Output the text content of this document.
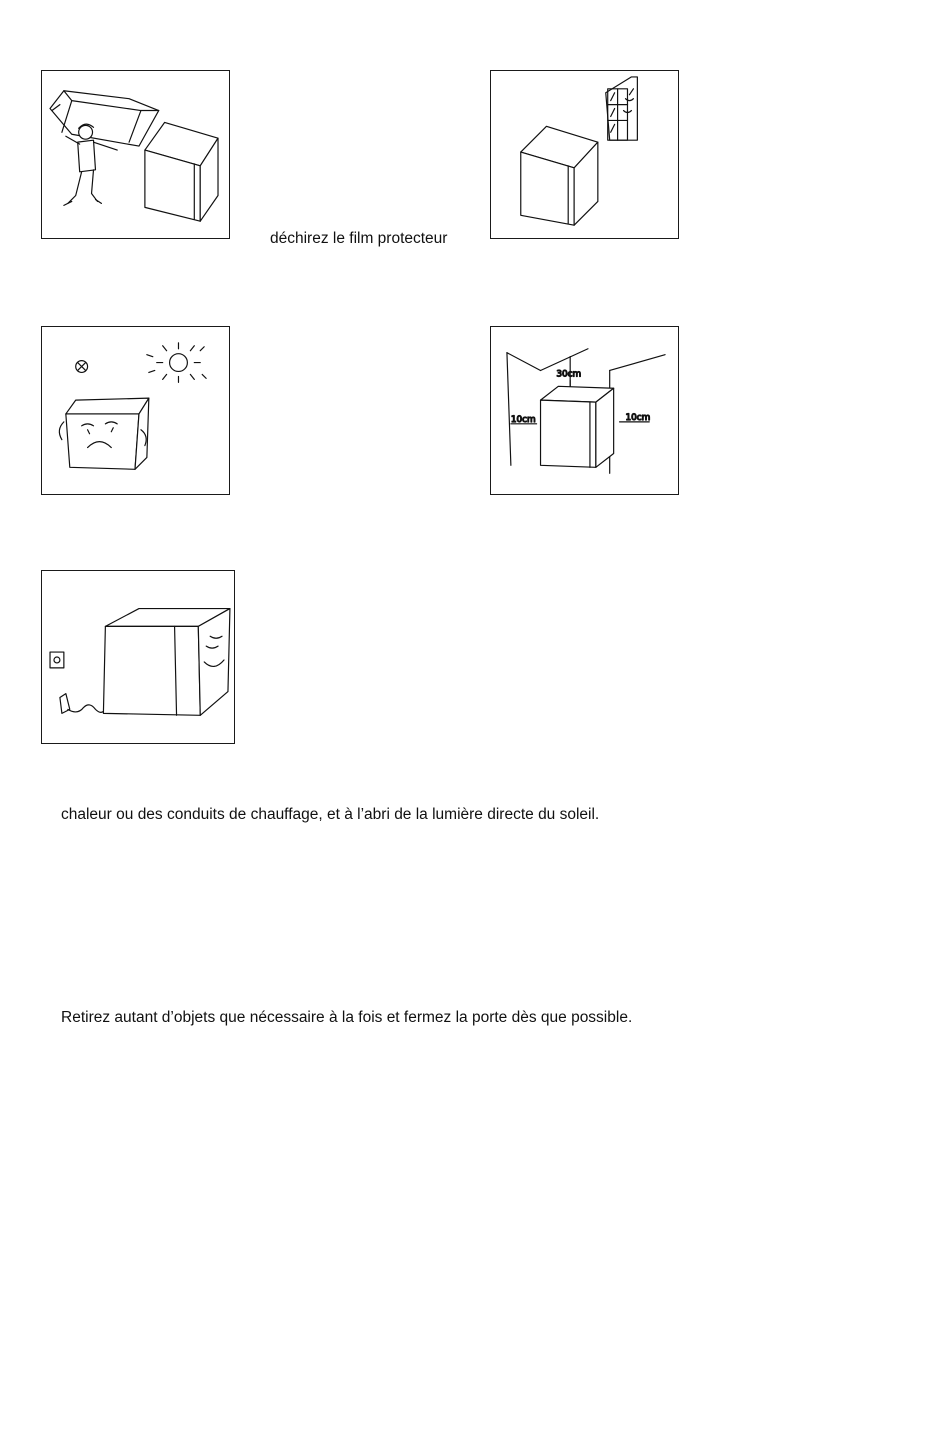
déchirez le film protecteur
30cm
10cm	10cm
chaleur ou des conduits de chauffage, et à l’abri de la lumière directe du soleil.
Retirez autant d’objets que nécessaire à la fois et fermez la porte dès que possible.
